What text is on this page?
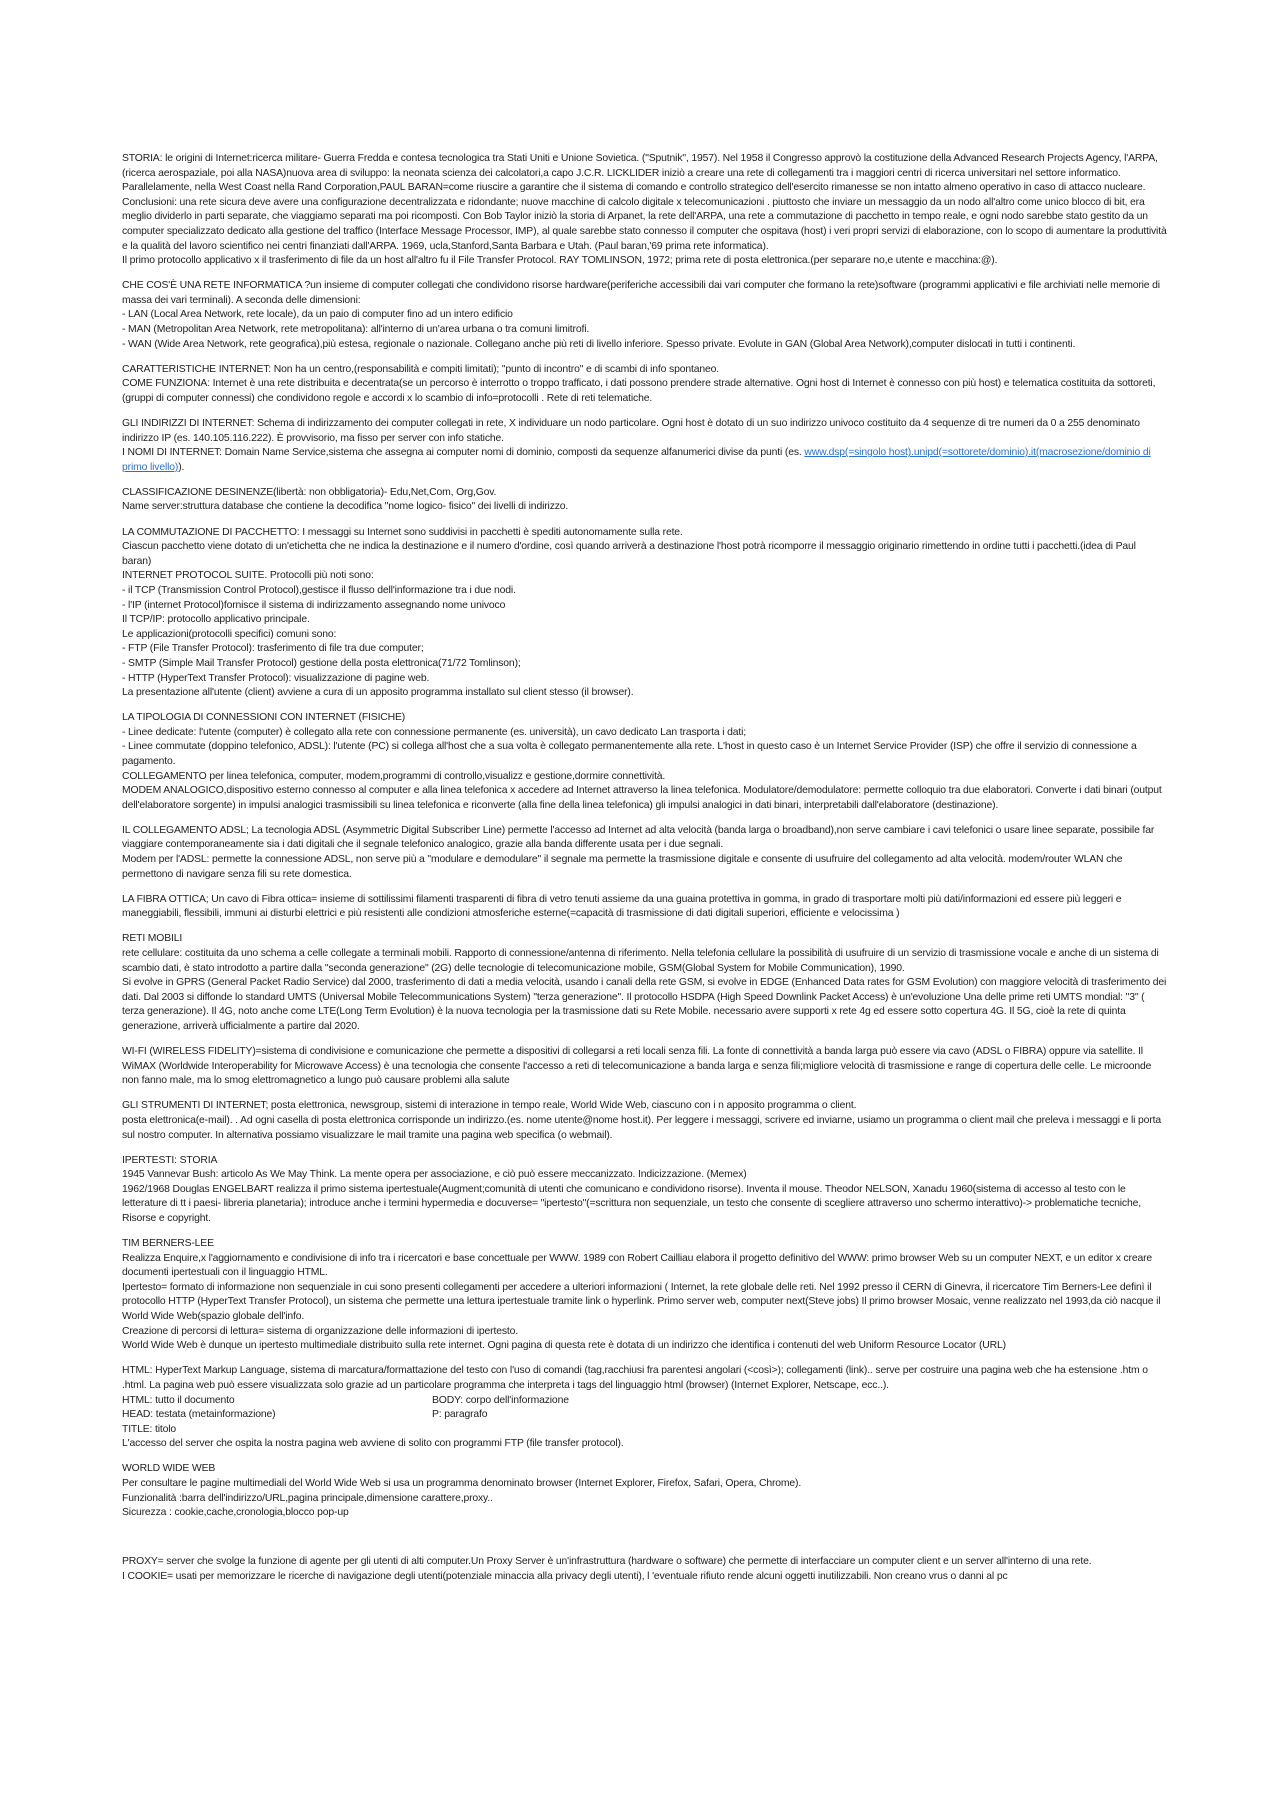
STORIA: le origini di Internet:ricerca militare- Guerra Fredda e contesa tecnologica tra Stati Uniti e Unione Sovietica. ("Sputnik", 1957). Nel 1958 il Congresso approvò la costituzione della Advanced Research Projects Agency, l'ARPA, (ricerca aerospaziale, poi alla NASA)nuova area di sviluppo: la neonata scienza dei calcolatori,a capo J.C.R. LICKLIDER iniziò a creare una rete di collegamenti tra i maggiori centri di ricerca universitari nel settore informatico.

Parallelamente, nella West Coast nella Rand Corporation,PAUL BARAN=come riuscire a garantire che il sistema di comando e controllo strategico dell'esercito rimanesse se non intatto almeno operativo in caso di attacco nucleare. Conclusioni: una rete sicura deve avere una configurazione decentralizzata e ridondante; nuove macchine di calcolo digitale x telecomunicazioni . piuttosto che inviare un messaggio da un nodo all'altro come unico blocco di bit, era meglio dividerlo in parti separate, che viaggiamo separati ma poi ricomposti. Con Bob Taylor iniziò la storia di Arpanet, la rete dell'ARPA, una rete a commutazione di pacchetto in tempo reale, e ogni nodo sarebbe stato gestito da un computer specializzato dedicato alla gestione del traffico (Interface Message Processor, IMP), al quale sarebbe stato connesso il computer che ospitava (host) i veri propri servizi di elaborazione, con lo scopo di aumentare la produttività e la qualità del lavoro scientifico nei centri finanziati dall'ARPA. 1969, ucla,Stanford,Santa Barbara e Utah. (Paul baran,'69 prima rete informatica).

Il primo protocollo applicativo x il trasferimento di file da un host all'altro fu il File Transfer Protocol. RAY TOMLINSON, 1972; prima rete di posta elettronica.(per separare no,e utente e macchina:@).

CHE COS'È UNA RETE INFORMATICA ?un insieme di computer collegati che condividono risorse hardware(periferiche accessibili dai vari computer che formano la rete)software (programmi applicativi e file archiviati nelle memorie di massa dei vari terminali). A seconda delle dimensioni:

- LAN (Local Area Network, rete locale), da un paio di computer fino ad un intero edificio

- MAN (Metropolitan Area Network, rete metropolitana): all'interno di un'area urbana o tra comuni limitrofi.

- WAN (Wide Area Network, rete geografica),più estesa, regionale o nazionale. Collegano anche più reti di livello inferiore. Spesso private. Evolute in GAN (Global Area Network),computer dislocati in tutti i continenti.

CARATTERISTICHE INTERNET: Non ha un centro,(responsabilità e compiti limitati); "punto di incontro" e di scambi di info spontaneo.

COME FUNZIONA: Internet è una rete distribuita e decentrata(se un percorso è interrotto o troppo trafficato, i dati possono prendere strade alternative. Ogni host di Internet è connesso con più host) e telematica costituita da sottoreti,(gruppi di computer connessi) che condividono regole e accordi x lo scambio di info=protocolli . Rete di reti telematiche.

GLI INDIRIZZI DI INTERNET: Schema di indirizzamento dei computer collegati in rete, X individuare un nodo particolare. Ogni host è dotato di un suo indirizzo univoco costituito da 4 sequenze di tre numeri da 0 a 255 denominato indirizzo IP (es. 140.105.116.222). È provvisorio, ma fisso per server con info statiche.

I NOMI DI INTERNET: Domain Name Service,sistema che assegna ai computer nomi di dominio, composti da sequenze alfanumerici divise da punti (es. www.dsp(=singolo host).unipd(=sottorete/dominio).it(macrosezione/dominio di primo livello)).

CLASSIFICAZIONE DESINENZE(libertà: non obbligatoria)- Edu,Net,Com, Org,Gov.

Name server:struttura database che contiene la decodifica "nome logico- fisico" dei livelli di indirizzo.

LA COMMUTAZIONE DI PACCHETTO: I messaggi su Internet sono suddivisi in pacchetti è spediti autonomamente sulla rete.

Ciascun pacchetto viene dotato di un'etichetta che ne indica la destinazione e il numero d'ordine, così quando arriverà a destinazione l'host potrà ricomporre il messaggio originario rimettendo in ordine tutti i pacchetti.(idea di Paul baran)

INTERNET PROTOCOL SUITE. Protocolli più noti sono:

- il TCP (Transmission Control Protocol),gestisce il flusso dell'informazione tra i due nodi.

- l'IP (internet Protocol)fornisce il sistema di indirizzamento assegnando nome univoco

Il TCP/IP: protocollo applicativo principale.

Le applicazioni(protocolli specifici) comuni sono:

- FTP (File Transfer Protocol): trasferimento di file tra due computer;

- SMTP (Simple Mail Transfer Protocol) gestione della posta elettronica(71/72 Tomlinson);

- HTTP (HyperText Transfer Protocol): visualizzazione di pagine web.

La presentazione all'utente (client) avviene a cura di un apposito programma installato sul client stesso (il browser).

LA TIPOLOGIA DI CONNESSIONI CON INTERNET (FISICHE)

- Linee dedicate: l'utente (computer) è collegato alla rete con connessione permanente (es. università), un cavo dedicato Lan trasporta i dati;

- Linee commutate (doppino telefonico, ADSL): l'utente (PC) si collega all'host che a sua volta è collegato permanentemente alla rete. L'host in questo caso è un Internet Service Provider (ISP) che offre il servizio di connessione a pagamento.

COLLEGAMENTO per linea telefonica, computer, modem,programmi di controllo,visualizz e gestione,dormire connettività.

MODEM ANALOGICO,dispositivo esterno connesso al computer e alla linea telefonica x accedere ad Internet attraverso la linea telefonica. Modulatore/demodulatore: permette colloquio tra due elaboratori. Converte i dati binari (output dell'elaboratore sorgente) in impulsi analogici trasmissibili su linea telefonica e riconverte (alla fine della linea telefonica) gli impulsi analogici in dati binari, interpretabili dall'elaboratore (destinazione).

IL COLLEGAMENTO ADSL; La tecnologia ADSL (Asymmetric Digital Subscriber Line) permette l'accesso ad Internet ad alta velocità (banda larga o broadband),non serve cambiare i cavi telefonici o usare linee separate, possibile far viaggiare contemporaneamente sia i dati digitali che il segnale telefonico analogico, grazie alla banda differente usata per i due segnali.

Modem per l'ADSL: permette la connessione ADSL, non serve più a "modulare e demodulare" il segnale ma permette la trasmissione digitale e consente di usufruire del collegamento ad alta velocità. modem/router WLAN che permettono di navigare senza fili su rete domestica.

LA FIBRA OTTICA; Un cavo di Fibra ottica= insieme di sottilissimi filamenti trasparenti di fibra di vetro tenuti assieme da una guaina protettiva in gomma, in grado di trasportare molti più dati/informazioni ed essere più leggeri e maneggiabili, flessibili, immuni ai disturbi elettrici e più resistenti alle condizioni atmosferiche esterne(=capacità di trasmissione di dati digitali superiori, efficiente e velocissima )

RETI MOBILI

rete cellulare: costituita da uno schema a celle collegate a terminali mobili. Rapporto di connessione/antenna di riferimento. Nella telefonia cellulare la possibilità di usufruire di un servizio di trasmissione vocale e anche di un sistema di scambio dati, è stato introdotto a partire dalla "seconda generazione" (2G) delle tecnologie di telecomunicazione mobile, GSM(Global System for Mobile Communication), 1990.

Si evolve in GPRS (General Packet Radio Service) dal 2000, trasferimento di dati a media velocità, usando i canali della rete GSM, si evolve in EDGE (Enhanced Data rates for GSM Evolution) con maggiore velocità di trasferimento dei dati. Dal 2003 si diffonde lo standard UMTS (Universal Mobile Telecommunications System) "terza generazione". Il protocollo HSDPA (High Speed Downlink Packet Access) è un'evoluzione Una delle prime reti UMTS mondial: "3" ( terza generazione). Il 4G, noto anche come LTE(Long Term Evolution) è la nuova tecnologia per la trasmissione dati su Rete Mobile. necessario avere supporti x rete 4g ed essere sotto copertura 4G. Il 5G, cioè la rete di quinta generazione, arriverà ufficialmente a partire dal 2020.

WI-FI (WIRELESS FIDELITY)=sistema di condivisione e comunicazione che permette a dispositivi di collegarsi a reti locali senza fili. La fonte di connettività a banda larga può essere via cavo (ADSL o FIBRA) oppure via satellite. Il WiMAX (Worldwide Interoperability for Microwave Access) è una tecnologia che consente l'accesso a reti di telecomunicazione a banda larga e senza fili;migliore velocità di trasmissione e range di copertura delle celle. Le microonde non fanno male, ma lo smog elettromagnetico a lungo può causare problemi alla salute

GLI STRUMENTI DI INTERNET; posta elettronica, newsgroup, sistemi di interazione in tempo reale, World Wide Web, ciascuno con i n apposito programma o client.

posta elettronica(e-mail). . Ad ogni casella di posta elettronica corrisponde un indirizzo.(es. nome utente@nome host.it). Per leggere i messaggi, scrivere ed inviarne, usiamo un programma o client mail che preleva i messaggi e li porta sul nostro computer. In alternativa possiamo visualizzare le mail tramite una pagina web specifica (o webmail).

IPERTESTI: STORIA

1945 Vannevar Bush: articolo As We May Think. La mente opera per associazione, e ciò può essere meccanizzato. Indicizzazione. (Memex)

1962/1968 Douglas ENGELBART realizza il primo sistema ipertestuale(Augment;comunità di utenti che comunicano e condividono risorse). Inventa il mouse. Theodor NELSON, Xanadu 1960(sistema di accesso al testo con le letterature di tt i paesi- libreria planetaria); introduce anche i termini hypermedia e docuverse= "ipertesto"(=scrittura non sequenziale, un testo che consente di scegliere attraverso uno schermo interattivo)-> problematiche tecniche, Risorse e copyright.

TIM BERNERS-LEE

Realizza Enquire,x l'aggiornamento e condivisione di info tra i ricercatori e base concettuale per WWW. 1989 con Robert Cailliau elabora il progetto definitivo del WWW: primo browser Web su un computer NEXT, e un editor x creare documenti ipertestuali con il linguaggio HTML.

Ipertesto= formato di informazione non sequenziale in cui sono presenti collegamenti per accedere a ulteriori informazioni ( Internet, la rete globale delle reti. Nel 1992 presso il CERN di Ginevra, il ricercatore Tim Berners-Lee definì il protocollo HTTP (HyperText Transfer Protocol), un sistema che permette una lettura ipertestuale tramite link o hyperlink. Primo server web, computer next(Steve jobs) Il primo browser Mosaic, venne realizzato nel 1993,da ciò nacque il World Wide Web(spazio globale dell'info.

Creazione di percorsi di lettura= sistema di organizzazione delle informazioni di ipertesto.

World Wide Web è dunque un ipertesto multimediale distribuito sulla rete internet. Ogni pagina di questa rete è dotata di un indirizzo che identifica i contenuti del web Uniform Resource Locator (URL)

HTML: HyperText Markup Language, sistema di marcatura/formattazione del testo con l'uso di comandi (tag,racchiusi fra parentesi angolari (<così>); collegamenti (link).. serve per costruire una pagina web che ha estensione .htm o .html. La pagina web può essere visualizzata solo grazie ad un particolare programma che interpreta i tags del linguaggio html (browser) (Internet Explorer, Netscape, ecc..).

HTML: tutto il documento	BODY: corpo dell'informazione
HEAD: testata (metainformazione)	P: paragrafo

TITLE: titolo

L'accesso del server che ospita la nostra pagina web avviene di solito con programmi FTP (file transfer protocol).

WORLD WIDE WEB

Per consultare le pagine multimediali del World Wide Web si usa un programma denominato browser (Internet Explorer, Firefox, Safari, Opera, Chrome).

Funzionalità :barra dell'indirizzo/URL,pagina principale,dimensione carattere,proxy..

Sicurezza : cookie,cache,cronologia,blocco pop-up

PROXY= server che svolge la funzione di agente per gli utenti di alti computer.Un Proxy Server è un'infrastruttura (hardware o software) che permette di interfacciare un computer client e un server all'interno di una rete.

I COOKIE= usati per memorizzare le ricerche di navigazione degli utenti(potenziale minaccia alla privacy degli utenti), l 'eventuale rifiuto rende alcuni oggetti inutilizzabili. Non creano vrus o danni al pc
